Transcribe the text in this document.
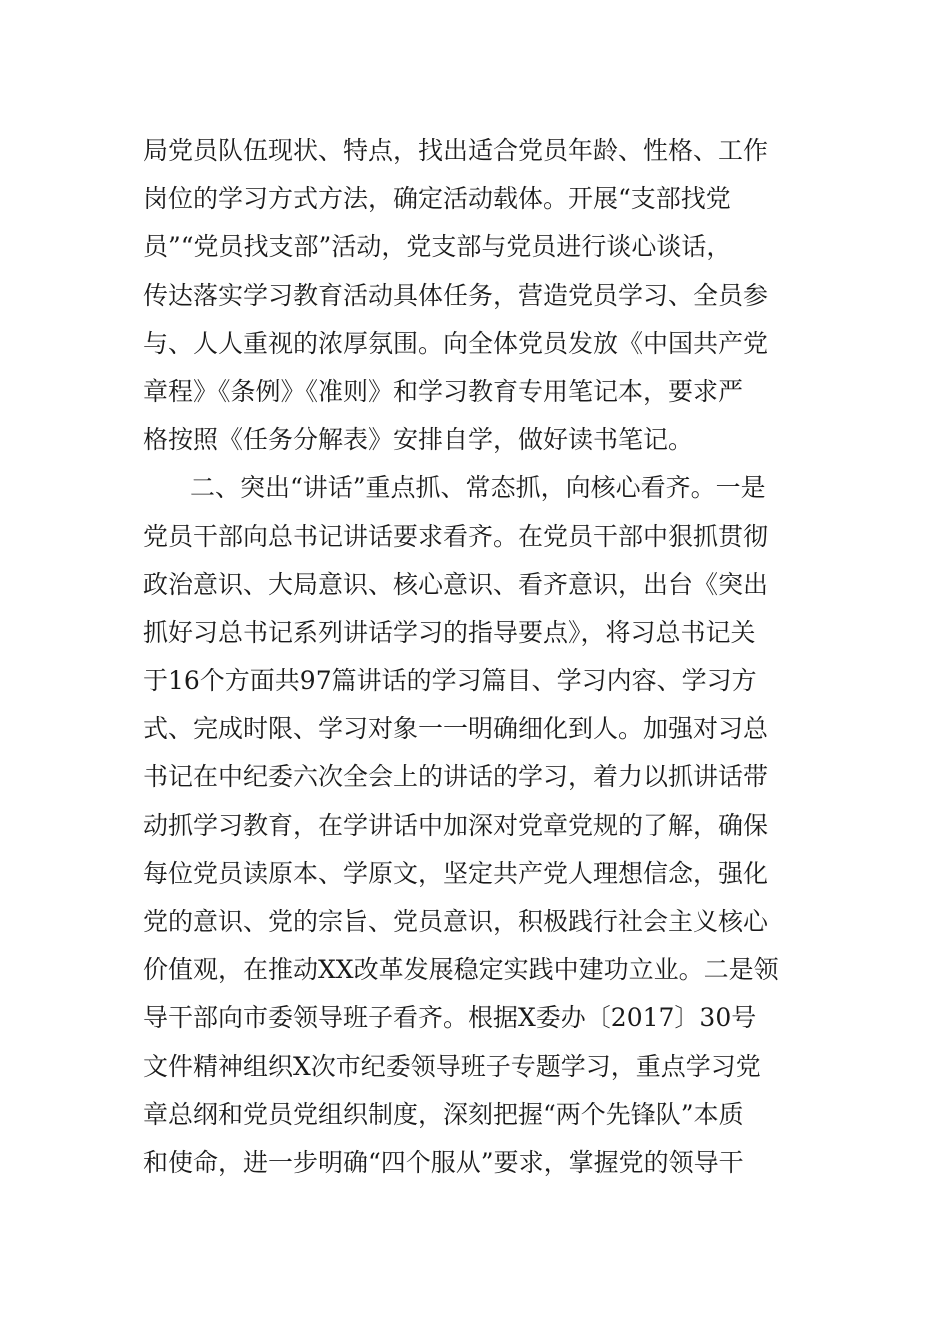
局党员队伍现状、特点，找出适合党员年龄、性格、工作
岗位的学习方式方法，确定活动载体。开展“支部找党
员”“党员找支部”活动，党支部与党员进行谈心谈话，
传达落实学习教育活动具体任务，营造党员学习、全员参
与、人人重视的浓厚氛围。向全体党员发放《中国共产党
章程》《条例》《准则》和学习教育专用笔记本，要求严
格按照《任务分解表》安排自学，做好读书笔记。
二、突出“讲话”重点抓、常态抓，向核心看齐。一是
党员干部向总书记讲话要求看齐。在党员干部中狠抓贯彻
政治意识、大局意识、核心意识、看齐意识，出台《突出
抓好习总书记系列讲话学习的指导要点》，将习总书记关
于16个方面共97篇讲话的学习篇目、学习内容、学习方
式、完成时限、学习对象一一明确细化到人。加强对习总
书记在中纪委六次全会上的讲话的学习，着力以抓讲话带
动抓学习教育，在学讲话中加深对党章党规的了解，确保
每位党员读原本、学原文，坚定共产党人理想信念，强化
党的意识、党的宗旨、党员意识，积极践行社会主义核心
价值观，在推动XX改革发展稳定实践中建功立业。二是领
导干部向市委领导班子看齐。根据X委办〔2017〕30号
文件精神组织X次市纪委领导班子专题学习，重点学习党
章总纲和党员党组织制度，深刻把握“两个先锋队”本质
和使命，进一步明确“四个服从”要求，掌握党的领导干
